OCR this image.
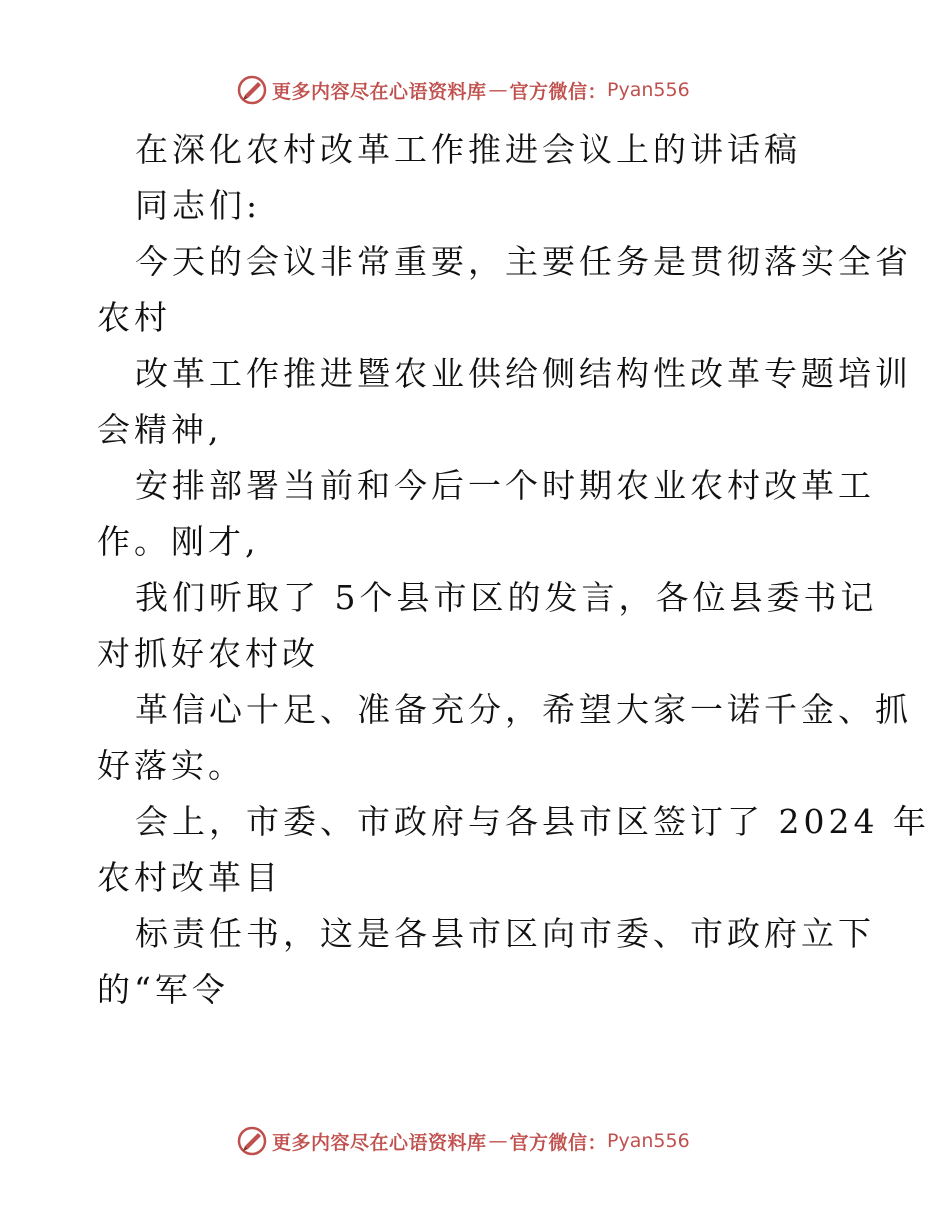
更多内容尽在心语资料库 — 官方微信： Pyan556
在深化农村改革工作推进会议上的讲话稿
同志们:
今天的会议非常重要，主要任务是贯彻落实全省
农村
改革工作推进暨农业供给侧结构性改革专题培训
会精神,
安排部署当前和今后一个时期农业农村改革工
作。刚才,
我们听取了 5个县市区的发言，各位县委书记
对抓好农村改
革信心十足、准备充分，希望大家一诺千金、抓
好落实。
会上，市委、市政府与各县市区签订了 2024 年
农村改革目
标责任书，这是各县市区向市委、市政府立下
的“军令
更多内容尽在心语资料库 — 官方微信： Pyan556
